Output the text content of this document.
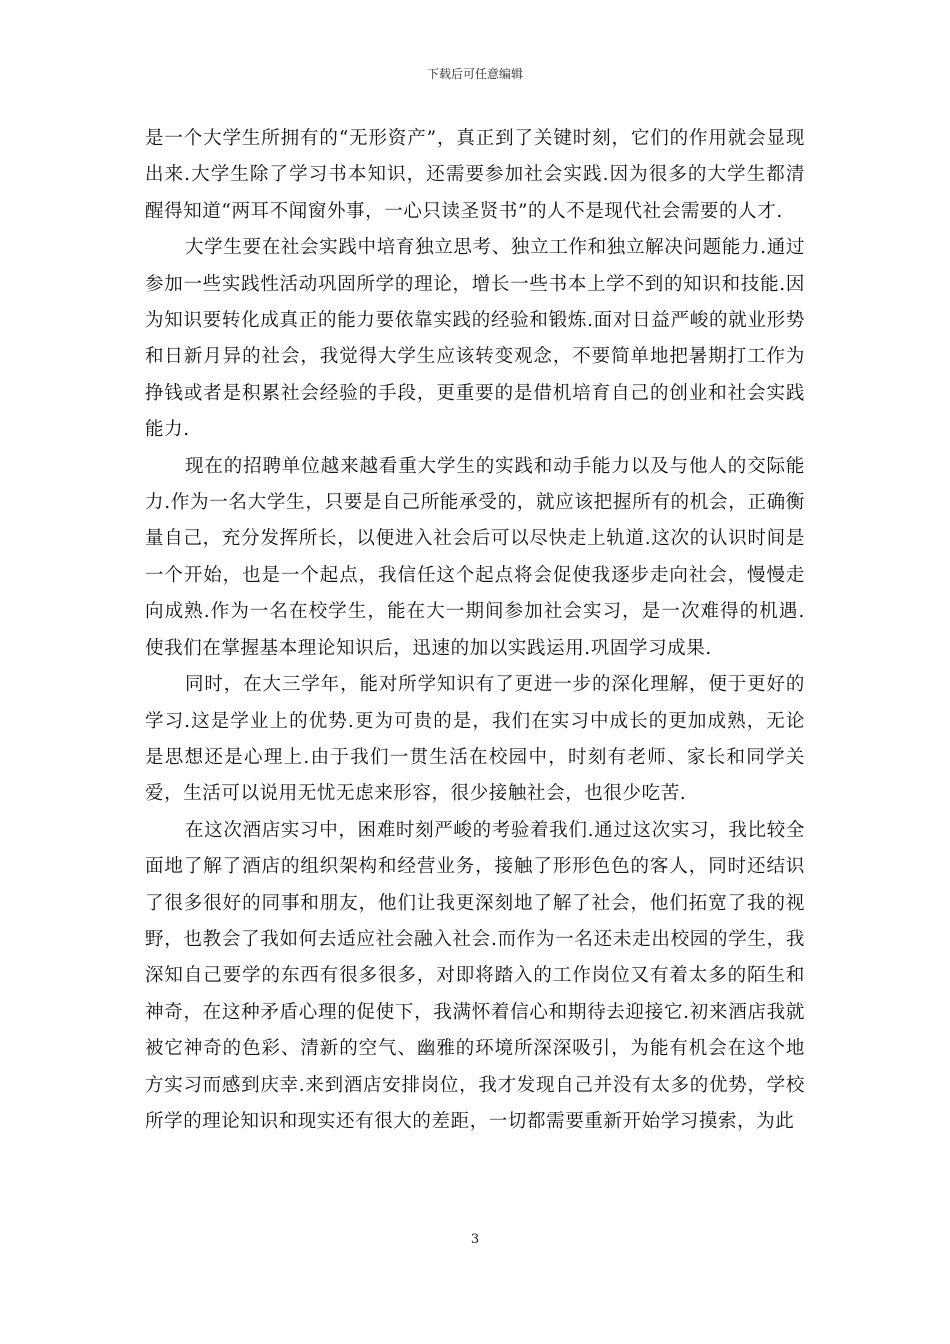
下载后可任意编辑

是一个大学生所拥有的“无形资产”，真正到了关键时刻，它们的作用就会显现出来.大学生除了学习书本知识，还需要参加社会实践.因为很多的大学生都清醒得知道“两耳不闻窗外事，一心只读圣贤书”的人不是现代社会需要的人才.

大学生要在社会实践中培育独立思考、独立工作和独立解决问题能力.通过参加一些实践性活动巩固所学的理论，增长一些书本上学不到的知识和技能.因为知识要转化成真正的能力要依靠实践的经验和锻炼.面对日益严峻的就业形势和日新月异的社会，我觉得大学生应该转变观念，不要简单地把暑期打工作为挣钱或者是积累社会经验的手段，更重要的是借机培育自己的创业和社会实践能力.

现在的招聘单位越来越看重大学生的实践和动手能力以及与他人的交际能力.作为一名大学生，只要是自己所能承受的，就应该把握所有的机会，正确衡量自己，充分发挥所长，以便进入社会后可以尽快走上轨道.这次的认识时间是一个开始，也是一个起点，我信任这个起点将会促使我逐步走向社会，慢慢走向成熟.作为一名在校学生，能在大一期间参加社会实习，是一次难得的机遇.使我们在掌握基本理论知识后，迅速的加以实践运用.巩固学习成果.

同时，在大三学年，能对所学知识有了更进一步的深化理解，便于更好的学习.这是学业上的优势.更为可贵的是，我们在实习中成长的更加成熟，无论是思想还是心理上.由于我们一贯生活在校园中，时刻有老师、家长和同学关爱，生活可以说用无忧无虑来形容，很少接触社会，也很少吃苦.

在这次酒店实习中，困难时刻严峻的考验着我们.通过这次实习，我比较全面地了解了酒店的组织架构和经营业务，接触了形形色色的客人，同时还结识了很多很好的同事和朋友，他们让我更深刻地了解了社会，他们拓宽了我的视野，也教会了我如何去适应社会融入社会.而作为一名还未走出校园的学生，我深知自己要学的东西有很多很多，对即将踏入的工作岗位又有着太多的陌生和神奇，在这种矛盾心理的促使下，我满怀着信心和期待去迎接它.初来酒店我就被它神奇的色彩、清新的空气、幽雅的环境所深深吸引，为能有机会在这个地方实习而感到庆幸.来到酒店安排岗位，我才发现自己并没有太多的优势，学校所学的理论知识和现实还有很大的差距，一切都需要重新开始学习摸索，为此

3
